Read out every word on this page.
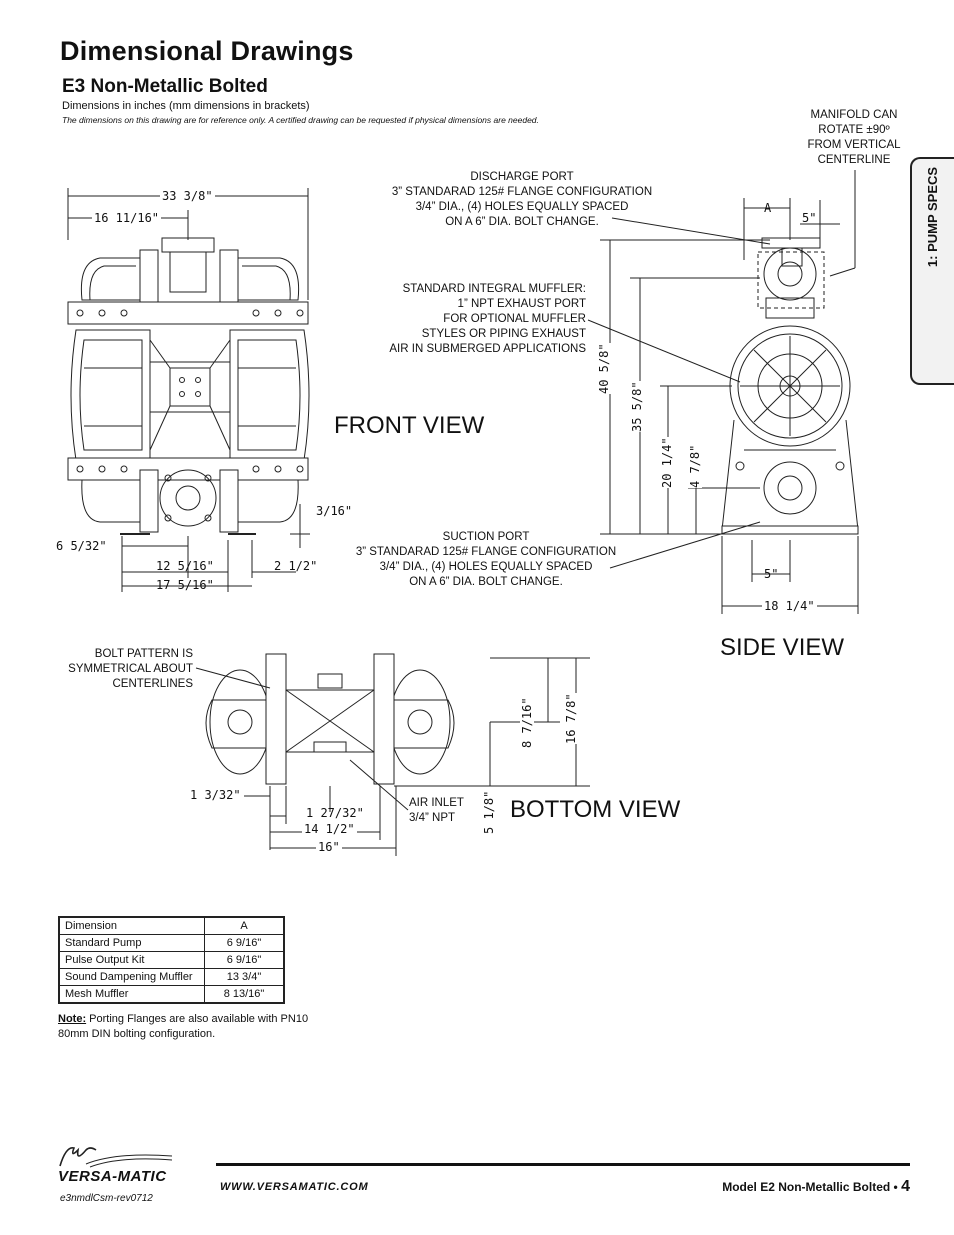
Dimensional Drawings
E3 Non-Metallic Bolted
Dimensions in inches (mm dimensions in brackets)
The dimensions on this drawing are for reference only. A certified drawing can be requested if physical dimensions are needed.
1: PUMP SPECS
MANIFOLD CAN
ROTATE ±90º
FROM VERTICAL
CENTERLINE
DISCHARGE PORT
3” STANDARAD 125# FLANGE CONFIGURATION
3/4” DIA., (4) HOLES EQUALLY SPACED
ON A 6” DIA. BOLT CHANGE.
STANDARD INTEGRAL MUFFLER:
1” NPT EXHAUST PORT
FOR OPTIONAL MUFFLER
STYLES OR PIPING EXHAUST
AIR IN SUBMERGED APPLICATIONS
SUCTION PORT
3” STANDARAD 125# FLANGE CONFIGURATION
3/4” DIA., (4) HOLES EQUALLY SPACED
ON A 6” DIA. BOLT CHANGE.
BOLT PATTERN IS
SYMMETRICAL ABOUT
CENTERLINES
AIR INLET
3/4” NPT
FRONT VIEW
SIDE VIEW
BOTTOM VIEW
33 3/8"
16 11/16"
3/16"
6 5/32"
12 5/16"	2 1/2"
17 5/16"
A
5"
40 5/8"
35 5/8"
20 1/4" 4 7/8"
5"
18 1/4"
1 3/32"
1 27/32"
14 1/2"
16"
8 7/16"	16 7/8"
5 1/8"
Dimension	A
Standard Pump	6 9/16"
Pulse Output Kit	6 9/16"
Sound Dampening Muffler	13 3/4"
Mesh Muffler	8 13/16"
Note: Porting Flanges are also available with PN10 80mm DIN bolting configuration.
VERSA-MATIC
e3nmdlCsm-rev0712
WWW.VERSAMATIC.COM	Model E2 Non-Metallic Bolted • 4
